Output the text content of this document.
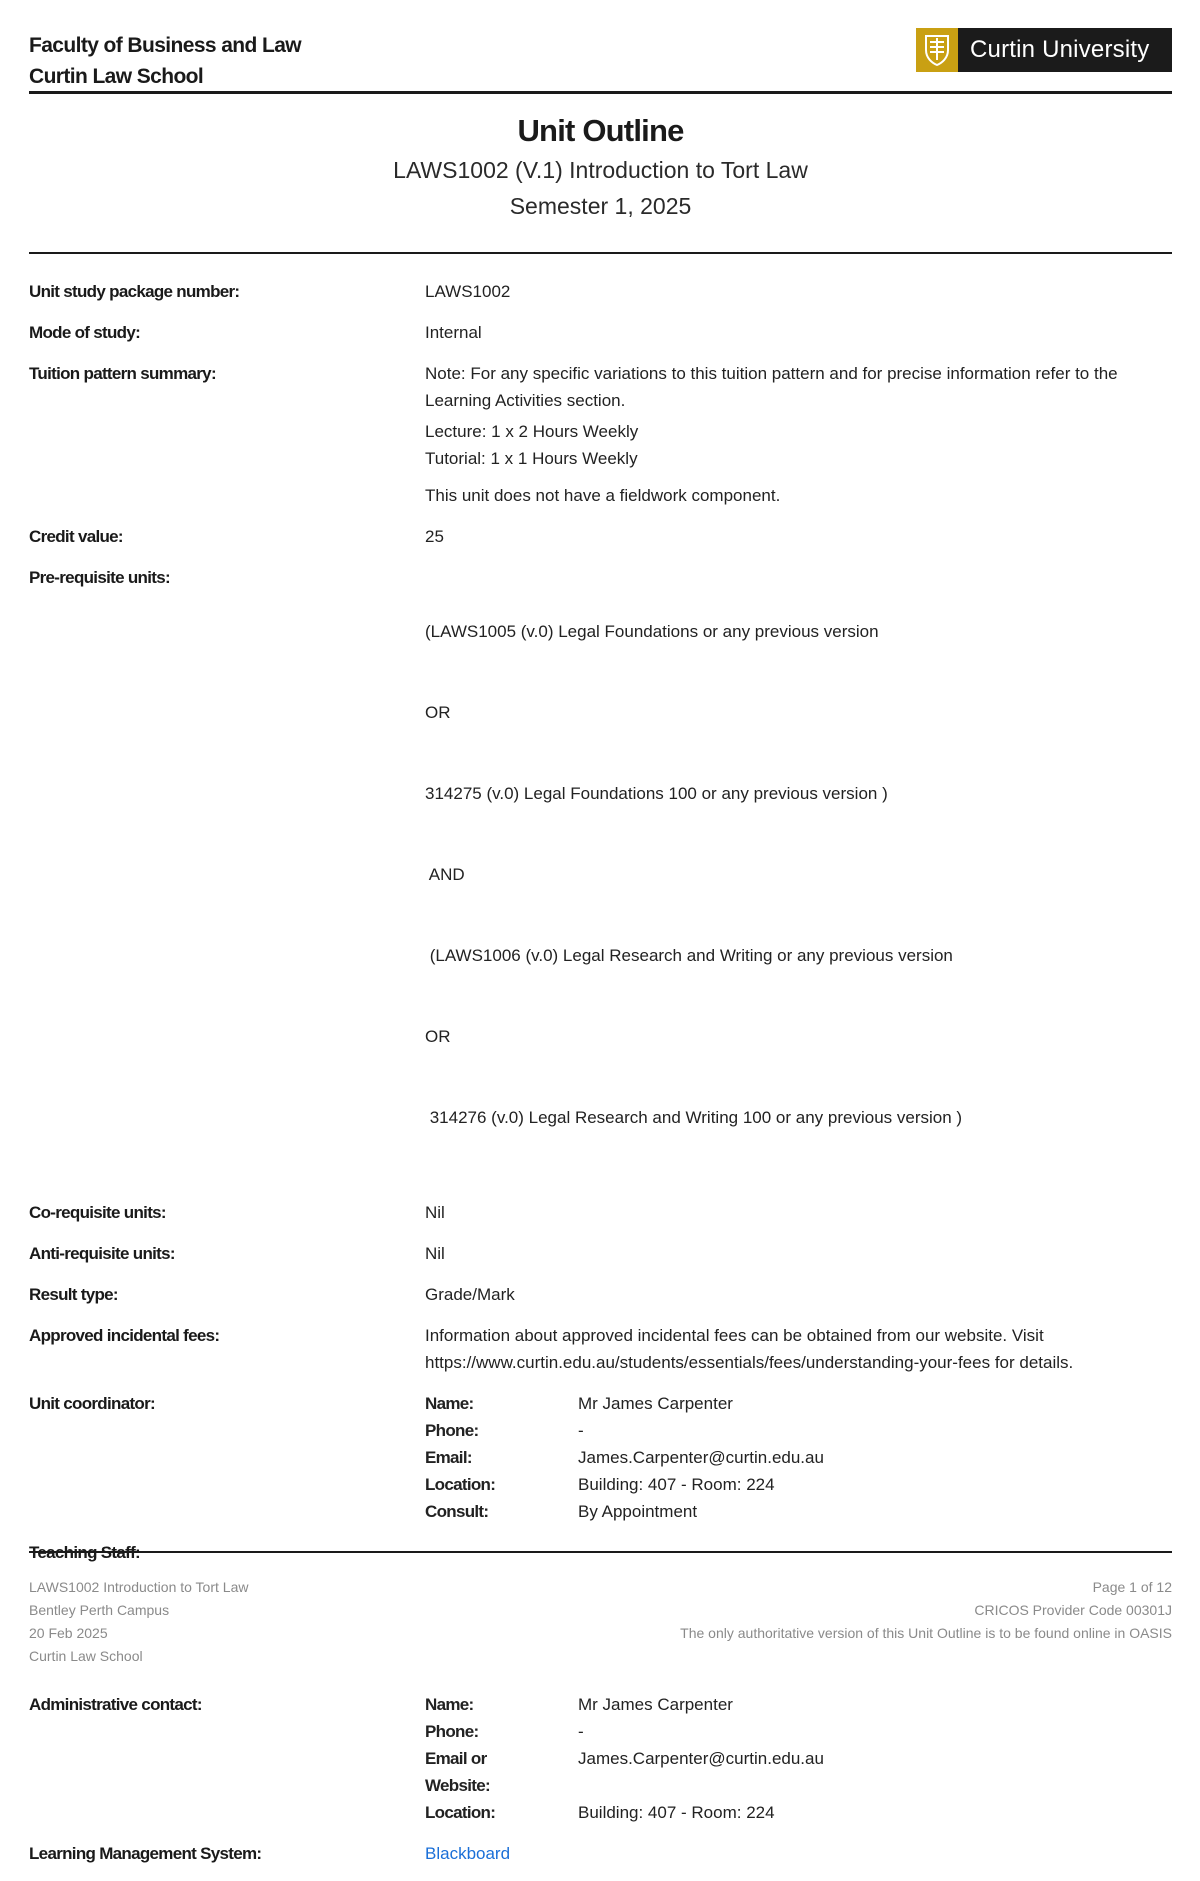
Faculty of Business and Law
Curtin Law School
Curtin University
Unit Outline
LAWS1002 (V.1) Introduction to Tort Law
Semester 1, 2025
Unit study package number:	LAWS1002
Mode of study:	Internal
Tuition pattern summary:	Note: For any specific variations to this tuition pattern and for precise information refer to the Learning Activities section.

Lecture: 1 x 2 Hours Weekly

Tutorial: 1 x 1 Hours Weekly

This unit does not have a fieldwork component.

Credit value:	25
Pre-requisite units:

(LAWS1005 (v.0) Legal Foundations or any previous version

OR

314275 (v.0) Legal Foundations 100 or any previous version )

AND

(LAWS1006 (v.0) Legal Research and Writing or any previous version

OR

314276 (v.0) Legal Research and Writing 100 or any previous version )

Co-requisite units:	Nil
Anti-requisite units:	Nil
Result type:	Grade/Mark
Approved incidental fees:	Information about approved incidental fees can be obtained from our website. Visit https://www.curtin.edu.au/students/essentials/fees/understanding-your-fees for details.
Unit coordinator:	Name:	Mr James Carpenter
Phone:	-
Email:	James.Carpenter@curtin.edu.au
Location:	Building: 407 - Room: 224
Consult:	By Appointment
Administrative contact:	Name:	Mr James Carpenter
Phone:	-
Email or Website:
James.Carpenter@curtin.edu.au
Location:	Building: 407 - Room: 224
Learning Management System:	Blackboard
LAWS1002 Introduction to Tort Law
Bentley Perth Campus
20 Feb 2025
Curtin Law School
Page 1 of 12
CRICOS Provider Code 00301J
The only authoritative version of this Unit Outline is to be found online in OASIS
